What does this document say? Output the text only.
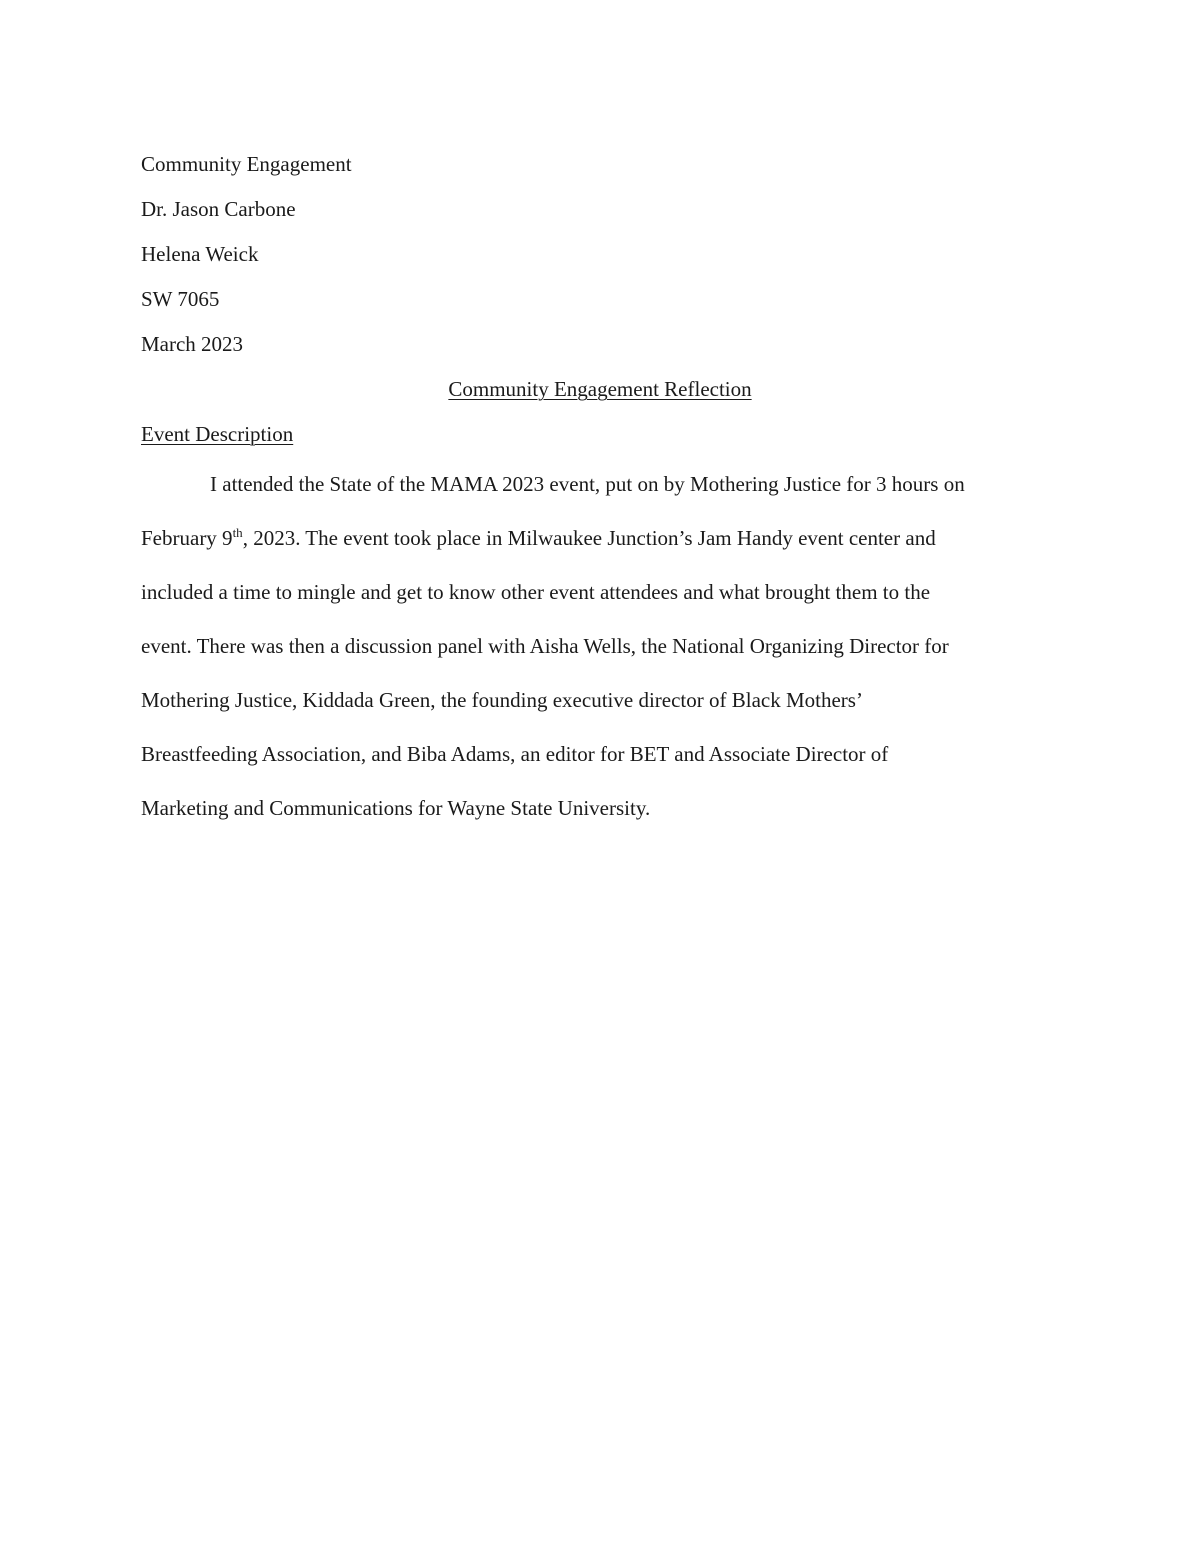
Community Engagement
Dr. Jason Carbone
Helena Weick
SW 7065
March 2023
Community Engagement Reflection
Event Description
I attended the State of the MAMA 2023 event, put on by Mothering Justice for 3 hours on
February 9th, 2023. The event took place in Milwaukee Junction’s Jam Handy event center and
included a time to mingle and get to know other event attendees and what brought them to the
event. There was then a discussion panel with Aisha Wells, the National Organizing Director for
Mothering Justice, Kiddada Green, the founding executive director of Black Mothers’
Breastfeeding Association, and Biba Adams, an editor for BET and Associate Director of
Marketing and Communications for Wayne State University.
